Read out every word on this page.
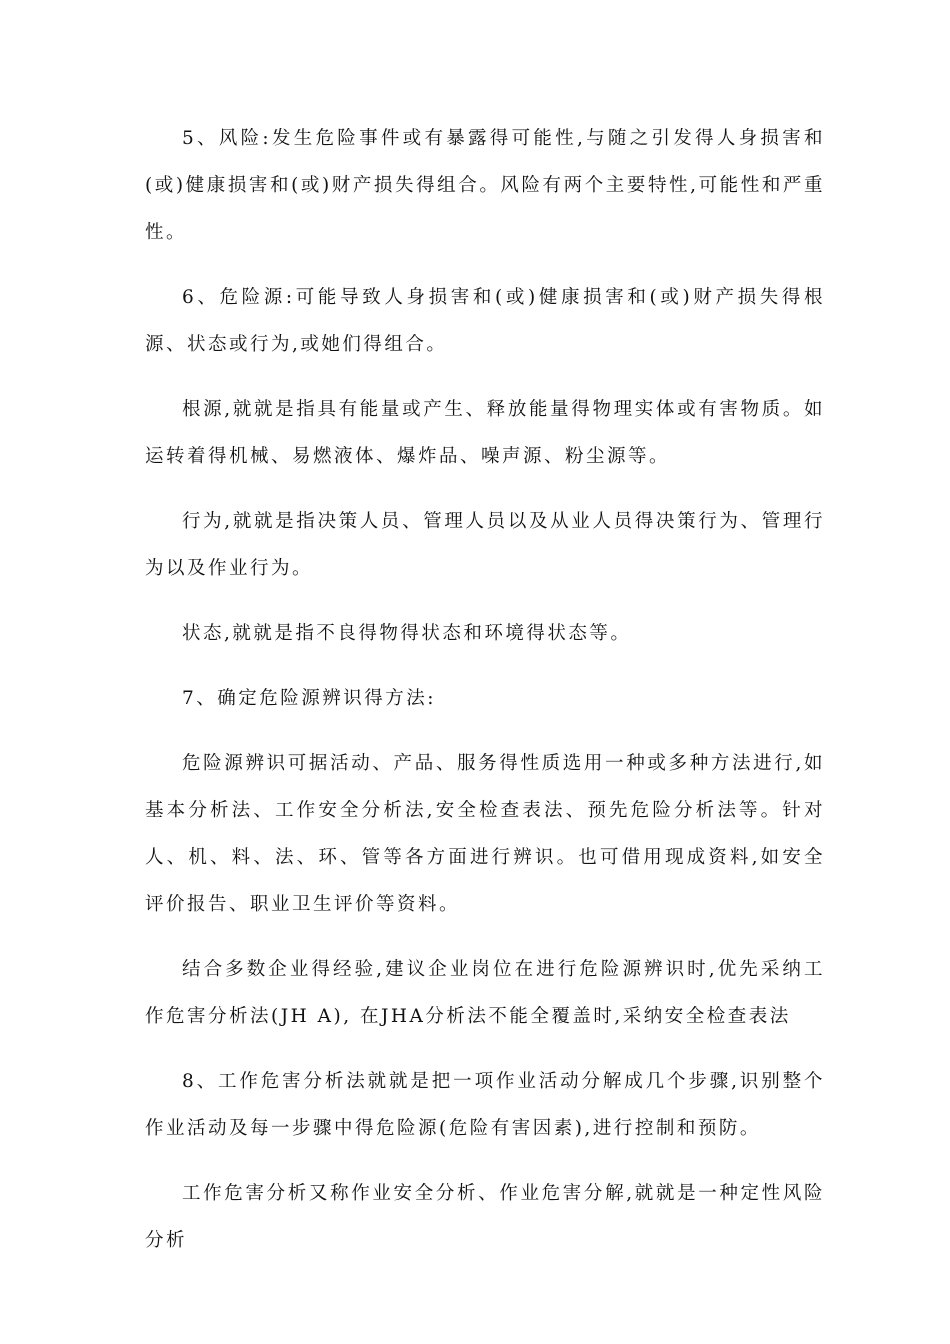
5、风险:发生危险事件或有暴露得可能性,与随之引发得人身损害和(或)健康损害和(或)财产损失得组合。风险有两个主要特性,可能性和严重性。

6、危险源:可能导致人身损害和(或)健康损害和(或)财产损失得根源、状态或行为,或她们得组合。

根源,就就是指具有能量或产生、释放能量得物理实体或有害物质。如运转着得机械、易燃液体、爆炸品、噪声源、粉尘源等。

行为,就就是指决策人员、管理人员以及从业人员得决策行为、管理行为以及作业行为。

状态,就就是指不良得物得状态和环境得状态等。

7、确定危险源辨识得方法:

危险源辨识可据活动、产品、服务得性质选用一种或多种方法进行,如基本分析法、工作安全分析法,安全检查表法、预先危险分析法等。针对人、机、料、法、环、管等各方面进行辨识。也可借用现成资料,如安全评价报告、职业卫生评价等资料。

结合多数企业得经验,建议企业岗位在进行危险源辨识时,优先采纳工作危害分析法(JH A), 在JHA分析法不能全覆盖时,采纳安全检查表法

8、工作危害分析法就就是把一项作业活动分解成几个步骤,识别整个作业活动及每一步骤中得危险源(危险有害因素),进行控制和预防。

工作危害分析又称作业安全分析、作业危害分解,就就是一种定性风险分析
